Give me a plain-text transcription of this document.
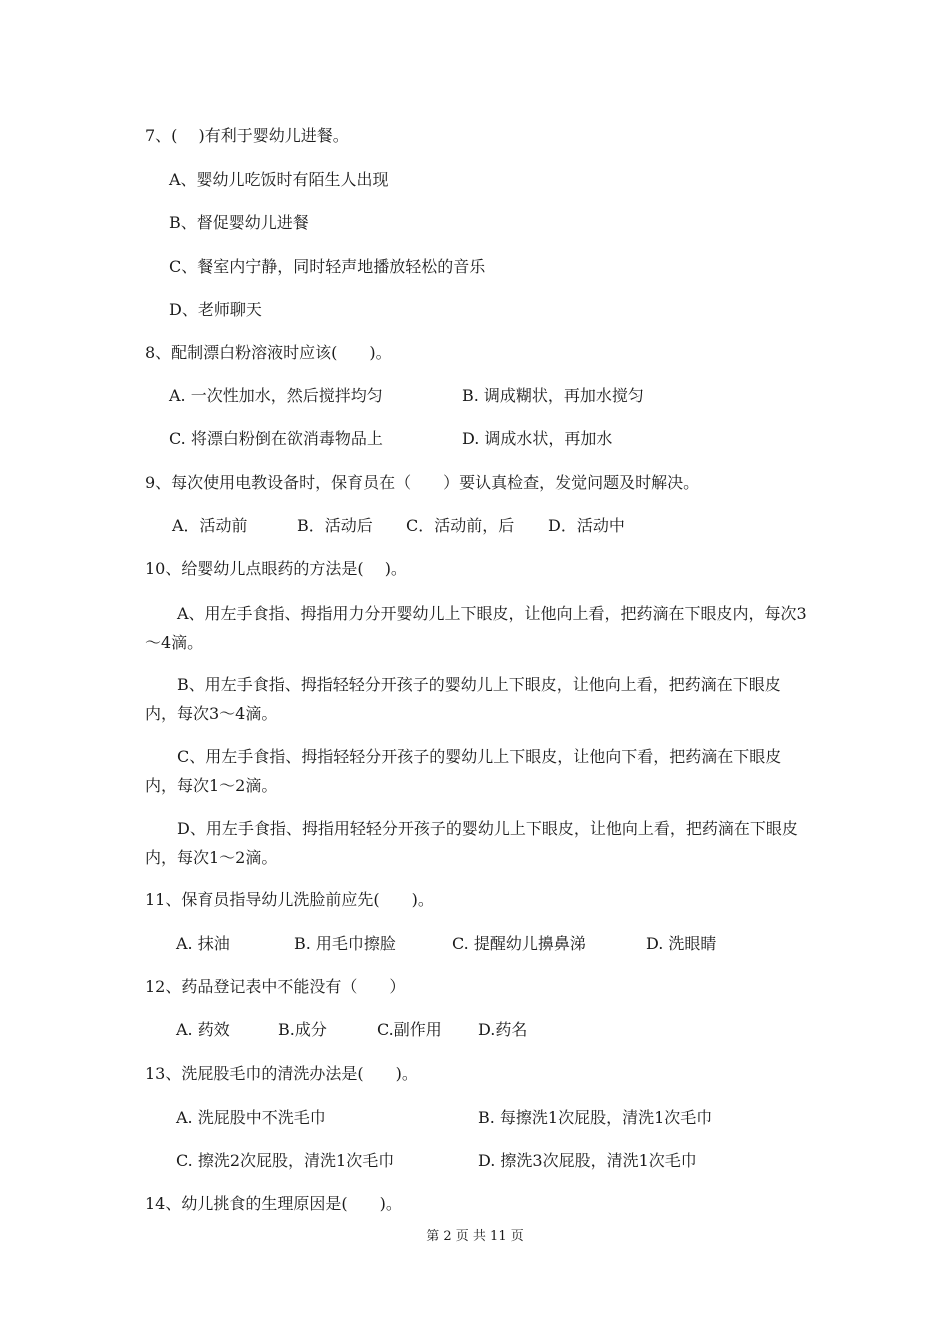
7、(　 )有利于婴幼儿进餐。
A、婴幼儿吃饭时有陌生人出现
B、督促婴幼儿进餐
C、餐室内宁静，同时轻声地播放轻松的音乐
D、老师聊天
8、配制漂白粉溶液时应该(　　)。
A. 一次性加水，然后搅拌均匀	B. 调成糊状，再加水搅匀
C. 将漂白粉倒在欲消毒物品上	D. 调成水状，再加水
9、每次使用电教设备时，保育员在（　　）要认真检查，发觉问题及时解决。
A．活动前	B．活动后 C．活动前，后 D．活动中
10、给婴幼儿点眼药的方法是(　 )。
A、用左手食指、拇指用力分开婴幼儿上下眼皮，让他向上看，把药滴在下眼皮内，每次3～4滴。
B、用左手食指、拇指轻轻分开孩子的婴幼儿上下眼皮，让他向上看，把药滴在下眼皮内，每次3～4滴。
C、用左手食指、拇指轻轻分开孩子的婴幼儿上下眼皮，让他向下看，把药滴在下眼皮内，每次1～2滴。
D、用左手食指、拇指用轻轻分开孩子的婴幼儿上下眼皮，让他向上看，把药滴在下眼皮内，每次1～2滴。
11、保育员指导幼儿洗脸前应先(　　)。
A. 抹油	B. 用毛巾擦脸	C. 提醒幼儿擤鼻涕	D. 洗眼睛
12、药品登记表中不能没有（　　）
A. 药效	B.成分	C.副作用 D.药名
13、洗屁股毛巾的清洗办法是(　　)。
A. 洗屁股中不洗毛巾	B. 每擦洗1次屁股，清洗1次毛巾
C. 擦洗2次屁股，清洗1次毛巾	D. 擦洗3次屁股，清洗1次毛巾
14、幼儿挑食的生理原因是(　　)。
第 2 页 共 11 页
